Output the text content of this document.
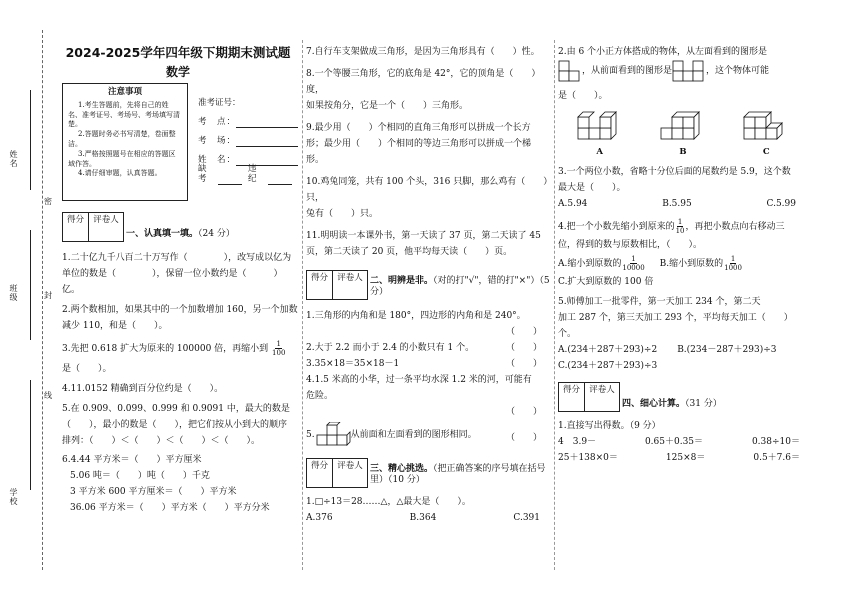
姓名
班级
学校
密
封
线
2024-2025学年四年级下期期末测试题
数学
注意事项

1.考生答题前，先将自己的姓名、准考证号、考场号、考场填写清楚。

2.答题时务必书写清楚，卷面整洁。

3.严格按照题号在相应的答题区域作答。

4.请仔细审题，认真答题。

准考证号：
考　点：
考　场：
姓　名：
缺考
违纪
得分	评卷人
一、认真填一填。（24 分）
1.二十亿九千八百二十万写作（　　　　），改写成以亿为
单位的数是（　　　　），保留一位小数约是（　　　）亿。
2.两个数相加，如果其中的一个加数增加 160，另一个加数
减少 110，和是（　　）。
3.先把 0.618 扩大为原来的 100000 倍，再缩小到 $\frac{1}{100}$
是（　　）。
4.11.0152 精确到百分位约是（　　）。
5.在 0.909、0.099、0.999 和 0.9091 中，最大的数是
（　　），最小的数是（　　），把它们按从小到大的顺序
排列：（　　）＜（　　）＜（　　）＜（　　）。
6.4.44 平方米＝（　　）平方厘米
5.06 吨＝（　　）吨（　　）千克
3 平方米 600 平方厘米＝（　　）平方米
36.06 平方米＝（　　）平方米（　　）平方分米
7.自行车支架做成三角形，是因为三角形具有（　　）性。
8.一个等腰三角形，它的底角是 42°，它的顶角是（　　）度，
如果按角分，它是一个（　　）三角形。
9.最少用（　　）个相同的直角三角形可以拼成一个长方
形；最少用（　　）个相同的等边三角形可以拼成一个梯
形。
10.鸡兔同笼，共有 100 个头，316 只脚，那么鸡有（　　）只，
兔有（　　）只。
11.明明读一本课外书，第一天读了 37 页，第二天读了 45
页，第二天读了 20 页，他平均每天读（　　）页。
得分	评卷人 二、明辨是非。（对的打"√"，错的打"×"）（5 分）
1.三角形的内角和是 180°，四边形的内角和是 240°。
（　　）
2.大于 2.2 而小于 2.4 的小数只有 1 个。	（　　）
3.35×18＝35×18－1	（　　）
4.1.5 米高的小华，过一条平均水深 1.2 米的河，可能有
危险。
（　　）
5.	从前面和左面看到的图形相同。	（　　）
得分	评卷人 三、精心挑选。（把正确答案的序号填在括号里）（10 分）
1.□÷13＝28……△，△最大是（　　）。
A.376	B.364	C.391
2.由 6 个小正方体搭成的物体，从左面看到的图形是
，从前面看到的图形是	，这个物体可能
是（　　）。
A	B	C
3.一个两位小数，省略十分位后面的尾数约是 5.9，这个数
最大是（　　）。
A.5.94	B.5.95	C.5.99
4.把一个小数先缩小到原来的 $\frac{1}{10}$ ，再把小数点向右移动三
位，得到的数与原数相比，（　　）。
A.缩小到原数的 $\frac{1}{10000} B$.缩小到原数的 $\frac{1}{1000}$
C.扩大到原数的 100 倍
5.师傅加工一批零件，第一天加工 234 个，第二天
加工 287 个，第三天加工 293 个，平均每天加工（　　）个。
A.(234＋287＋293)÷2 B.(234－287＋293)÷3
C.(234＋287＋293)÷3
得分	评卷人
四、细心计算。（31 分）
1.直接写出得数。（9 分）
4　3.9－	0.65＋0.35＝	0.38÷10＝
25＋138×0＝	125×8＝	0.5＋7.6＝
